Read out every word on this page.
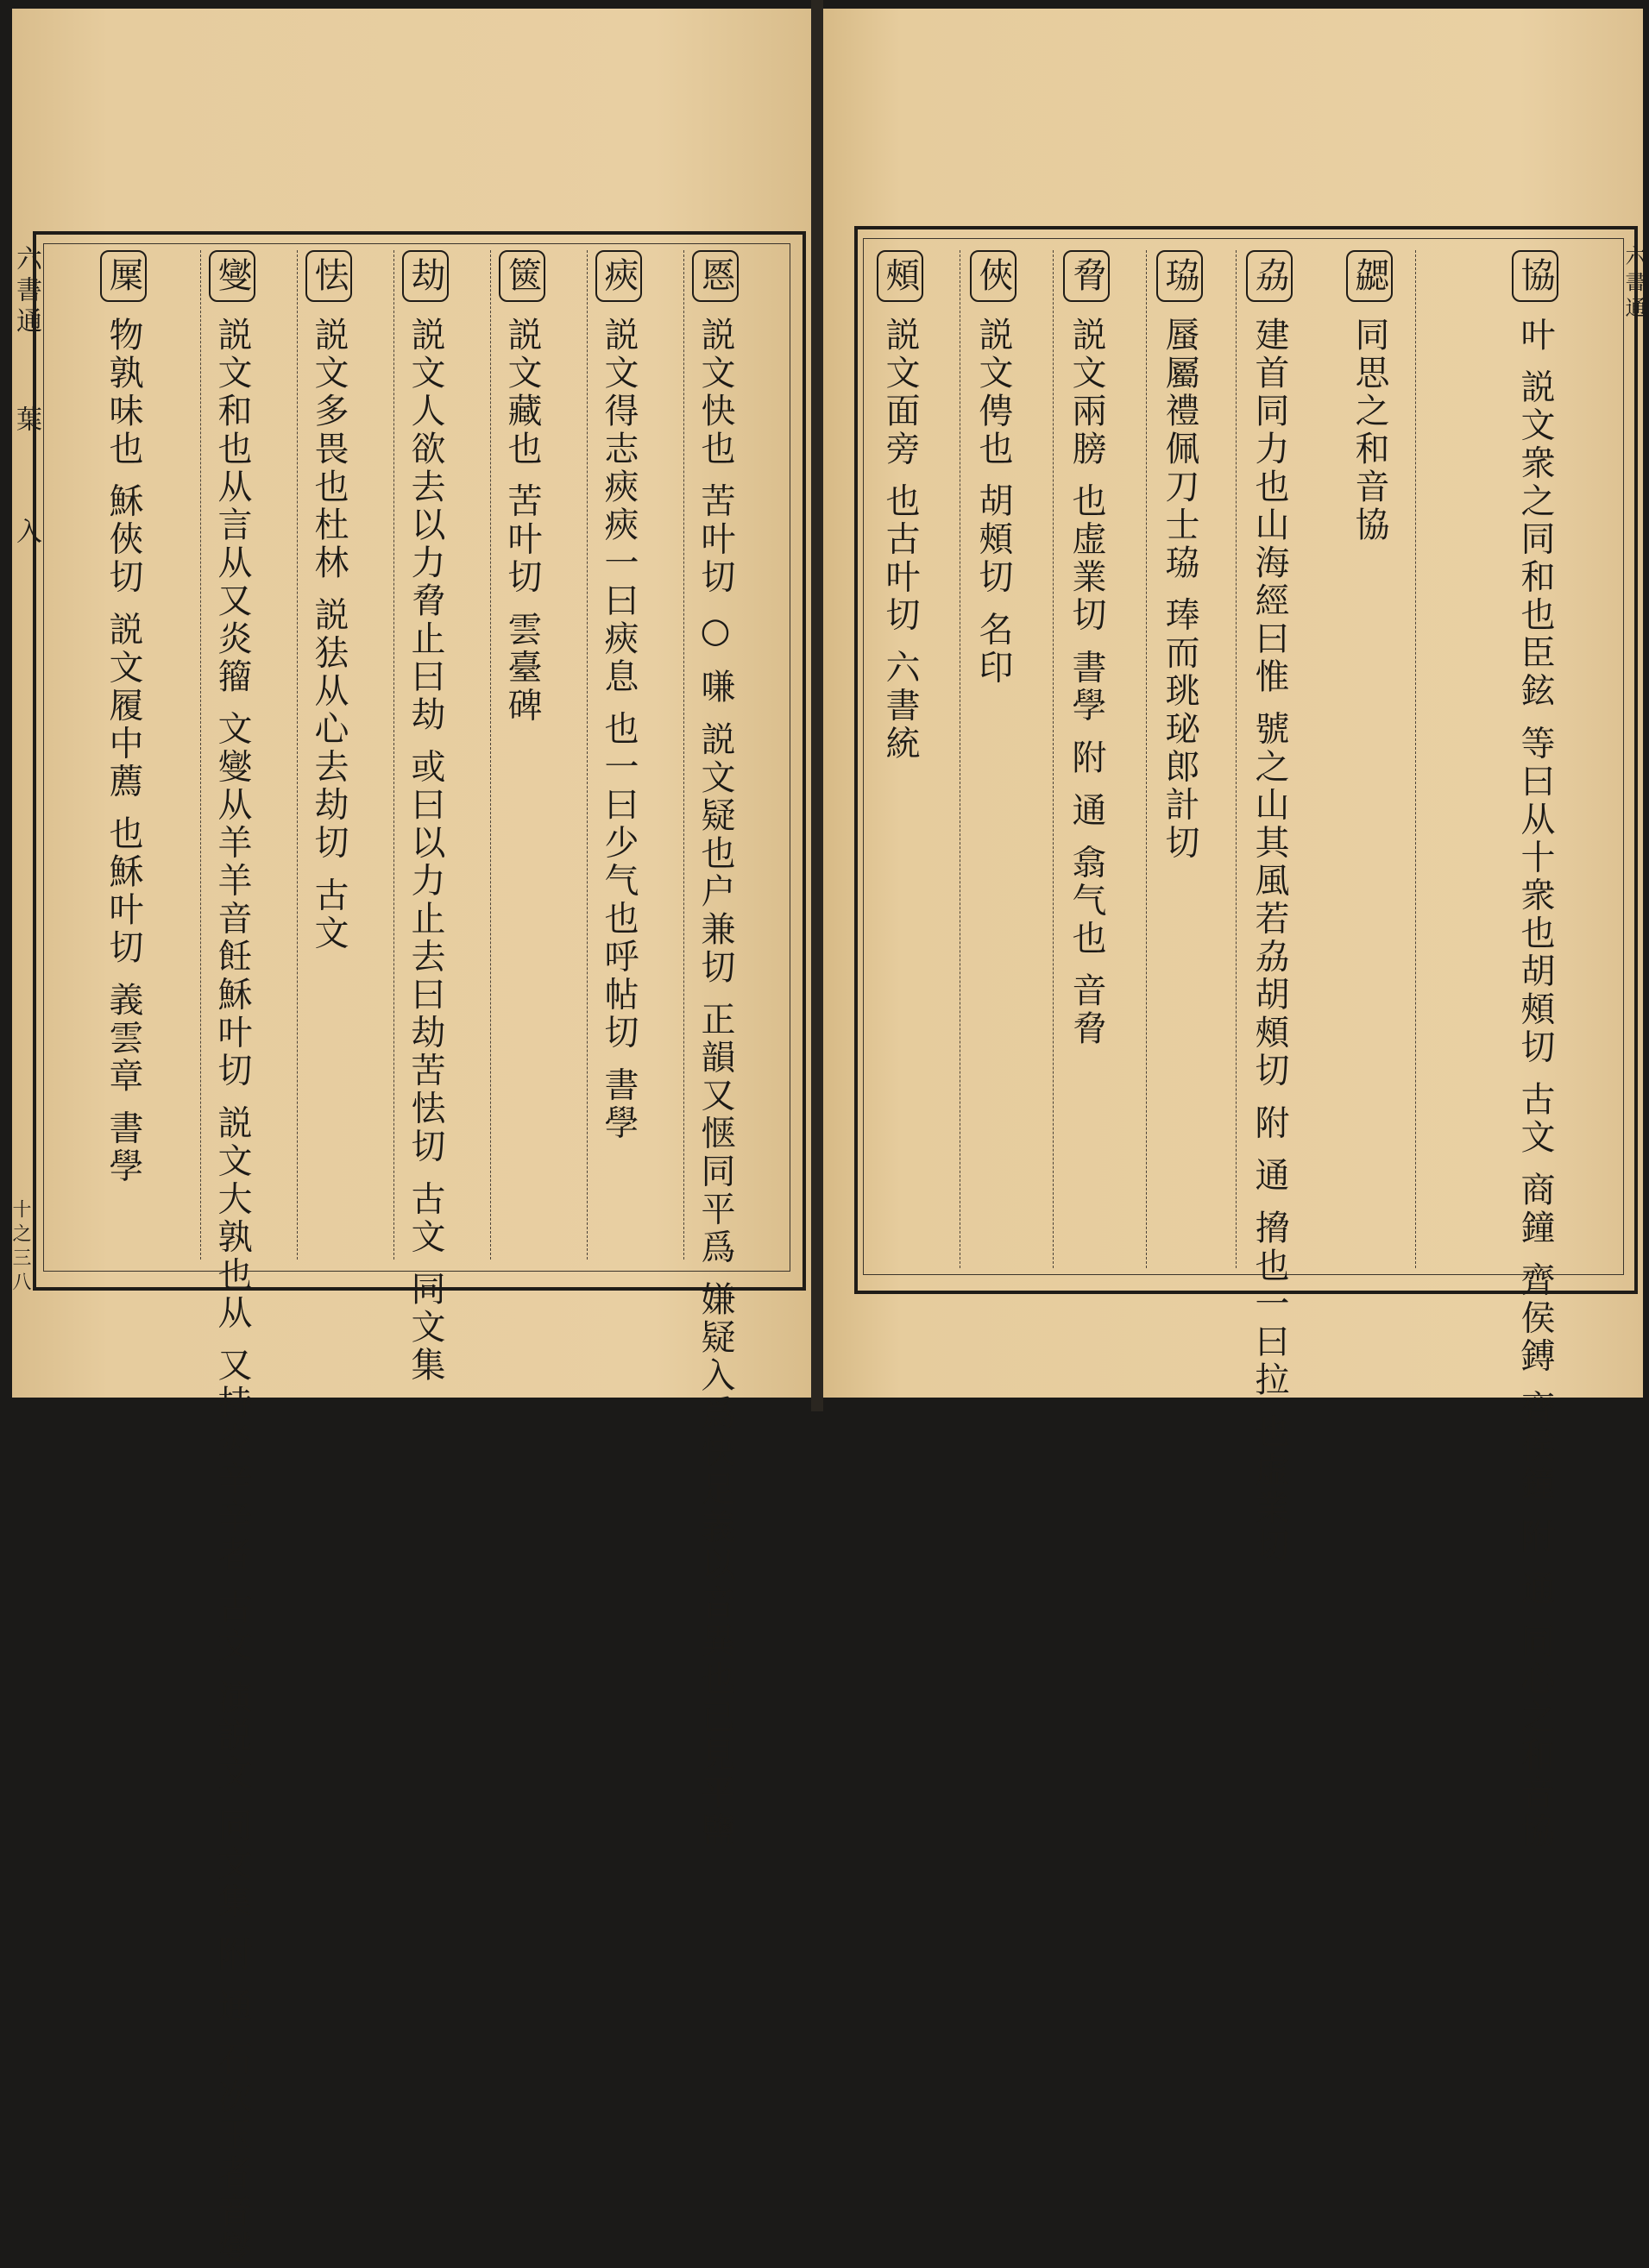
六書通
葉
入
十之三八
㥦 説文快也 苦叶切 ○ 嗛 説文疑也户兼切 正韻又惬同平爲 嫌疑入爲快足義以音異也已見平鹽
㾜 説文得志㾜㾜一曰㾜息 也一曰少气也呼帖切 書學
篋 説文藏也 苦叶切 雲臺碑
劫 説文人欲去以力脅止曰劫 或曰以力止去曰劫苦怯切 古文 同文集
怯 説文多畏也杜林 説㹤从心去劫切 古文
燮 説文和也从言从又炎籀 文燮从羊羊音飪穌叶切 説文大孰也从 又持炎辛辛者 古文 演説文 同文集 附 通 石次玉者音燮
屟 物孰味也 穌俠切 説文履中薦 也穌叶切 義雲章 書學
六書通
協 叶 説文衆之同和也臣鉉 等曰从十衆也胡頰切 古文 商鐘 齊侯鎛 齊侯鐘 附 通 同心之和音協
勰 同思之和音協
劦 建首同力也山海經曰惟 號之山其風若劦胡頰切 附 通 搚也一曰拉 也虚業切
珕 蜃屬禮佩刀士珕 琫而珧珌郎計切
脅 説文兩膀 也虚業切 書學 附 通 翕气也 音脅
俠 説文俜也 胡頰切 名印
頰 説文面旁 也古叶切 六書統
